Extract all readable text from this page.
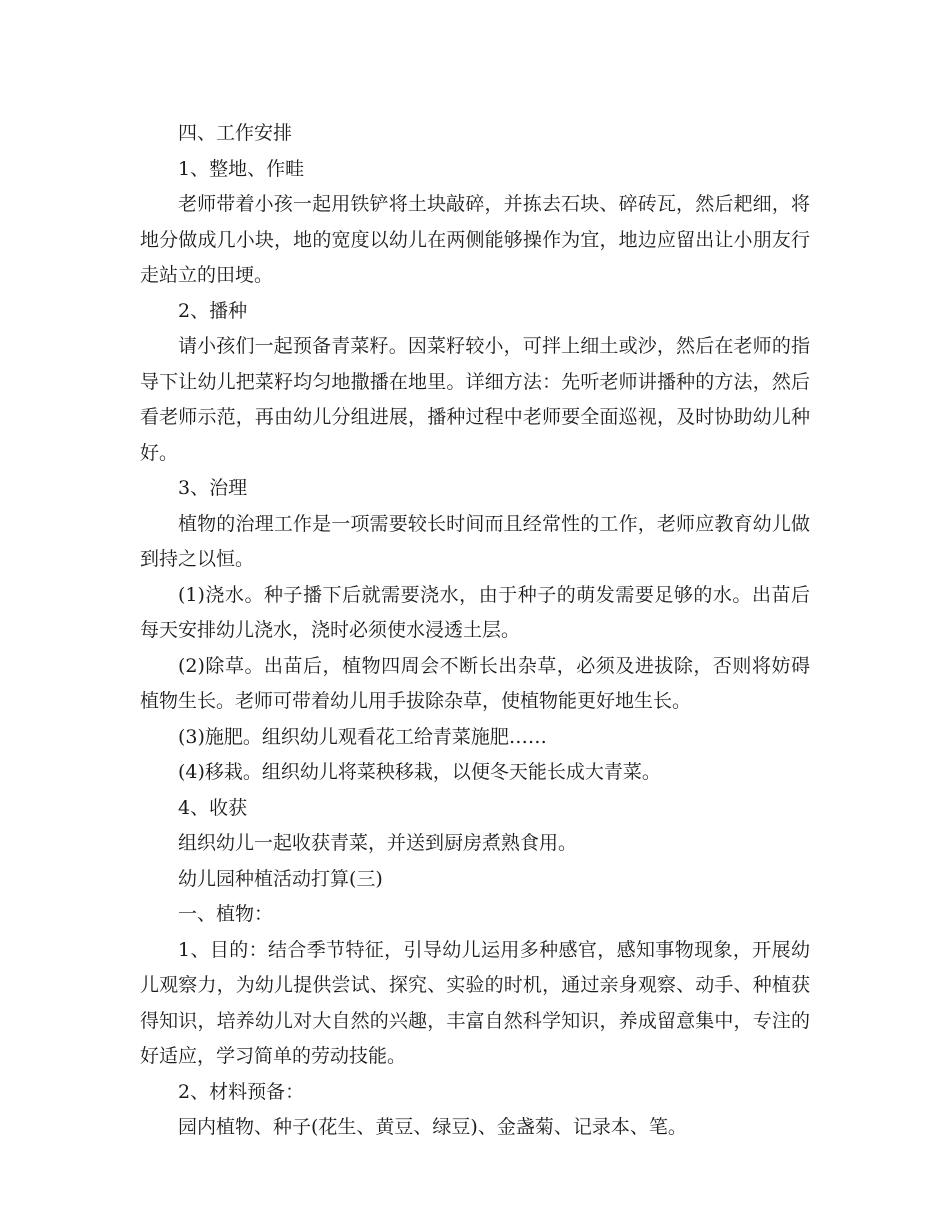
四、工作安排

1、整地、作畦

老师带着小孩一起用铁铲将土块敲碎，并拣去石块、碎砖瓦，然后耙细，将地分做成几小块，地的宽度以幼儿在两侧能够操作为宜，地边应留出让小朋友行走站立的田埂。

2、播种

请小孩们一起预备青菜籽。因菜籽较小，可拌上细土或沙，然后在老师的指导下让幼儿把菜籽均匀地撒播在地里。详细方法：先听老师讲播种的方法，然后看老师示范，再由幼儿分组进展，播种过程中老师要全面巡视，及时协助幼儿种好。

3、治理

植物的治理工作是一项需要较长时间而且经常性的工作，老师应教育幼儿做到持之以恒。

(1)浇水。种子播下后就需要浇水，由于种子的萌发需要足够的水。出苗后每天安排幼儿浇水，浇时必须使水浸透土层。

(2)除草。出苗后，植物四周会不断长出杂草，必须及进拔除，否则将妨碍植物生长。老师可带着幼儿用手拔除杂草，使植物能更好地生长。

(3)施肥。组织幼儿观看花工给青菜施肥……

(4)移栽。组织幼儿将菜秧移栽，以便冬天能长成大青菜。

4、收获

组织幼儿一起收获青菜，并送到厨房煮熟食用。

幼儿园种植活动打算(三)

一、植物：

1、目的：结合季节特征，引导幼儿运用多种感官，感知事物现象，开展幼儿观察力，为幼儿提供尝试、探究、实验的时机，通过亲身观察、动手、种植获得知识，培养幼儿对大自然的兴趣，丰富自然科学知识，养成留意集中，专注的好适应，学习简单的劳动技能。

2、材料预备：

园内植物、种子(花生、黄豆、绿豆)、金盏菊、记录本、笔。
